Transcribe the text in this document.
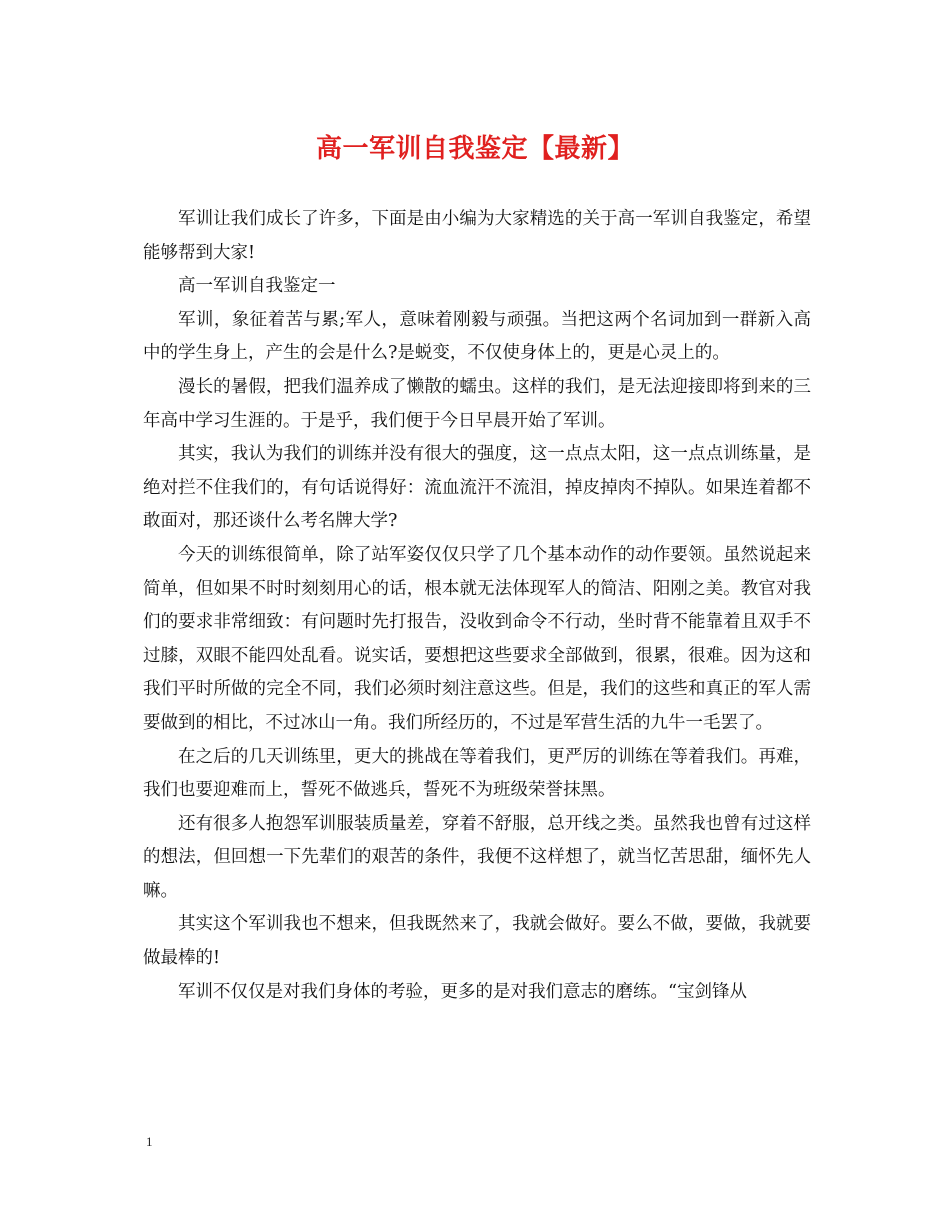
高一军训自我鉴定【最新】

军训让我们成长了许多，下面是由小编为大家精选的关于高一军训自我鉴定，希望能够帮到大家!

高一军训自我鉴定一

军训，象征着苦与累;军人，意味着刚毅与顽强。当把这两个名词加到一群新入高中的学生身上，产生的会是什么?是蜕变，不仅使身体上的，更是心灵上的。

漫长的暑假，把我们温养成了懒散的蠕虫。这样的我们，是无法迎接即将到来的三年高中学习生涯的。于是乎，我们便于今日早晨开始了军训。

其实，我认为我们的训练并没有很大的强度，这一点点太阳，这一点点训练量，是绝对拦不住我们的，有句话说得好：流血流汗不流泪，掉皮掉肉不掉队。如果连着都不敢面对，那还谈什么考名牌大学?

今天的训练很简单，除了站军姿仅仅只学了几个基本动作的动作要领。虽然说起来简单，但如果不时时刻刻用心的话，根本就无法体现军人的简洁、阳刚之美。教官对我们的要求非常细致：有问题时先打报告，没收到命令不行动，坐时背不能靠着且双手不过膝，双眼不能四处乱看。说实话，要想把这些要求全部做到，很累，很难。因为这和我们平时所做的完全不同，我们必须时刻注意这些。但是，我们的这些和真正的军人需要做到的相比，不过冰山一角。我们所经历的，不过是军营生活的九牛一毛罢了。

在之后的几天训练里，更大的挑战在等着我们，更严厉的训练在等着我们。再难，我们也要迎难而上，誓死不做逃兵，誓死不为班级荣誉抹黑。

还有很多人抱怨军训服装质量差，穿着不舒服，总开线之类。虽然我也曾有过这样的想法，但回想一下先辈们的艰苦的条件，我便不这样想了，就当忆苦思甜，缅怀先人嘛。

其实这个军训我也不想来，但我既然来了，我就会做好。要么不做，要做，我就要做最棒的!

军训不仅仅是对我们身体的考验，更多的是对我们意志的磨练。“宝剑锋从

1
